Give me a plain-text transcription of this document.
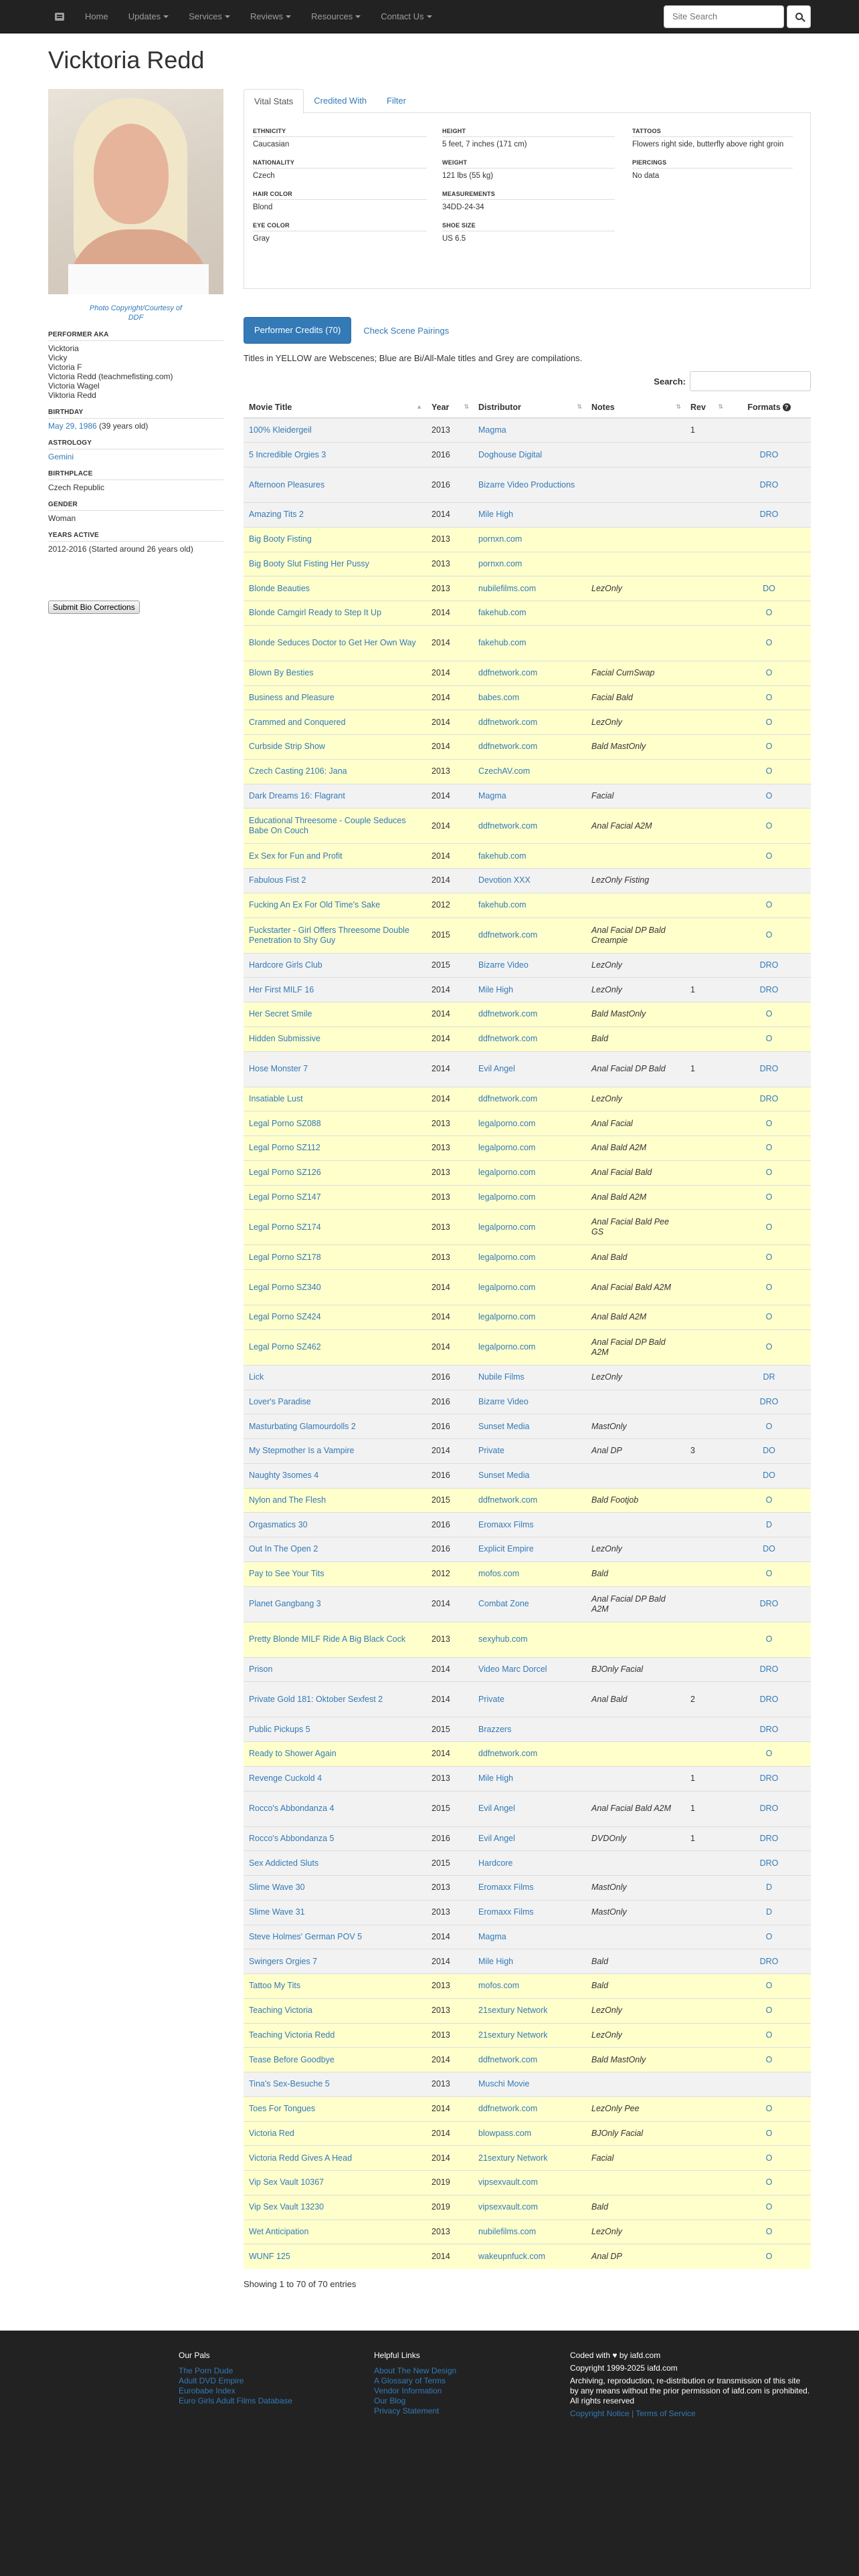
Home	Updates	Services	Reviews	Resources	Contact Us
Site Search
Vicktoria Redd
Photo Copyright/Courtesy of
DDF
PERFORMER AKA
Vicktoria
Vicky
Victoria F
Victoria Redd (teachmefisting.com)
Victoria Wagel
Viktoria Redd
BIRTHDAY
May 29, 1986 (39 years old)
ASTROLOGY
Gemini
BIRTHPLACE
Czech Republic
GENDER
Woman
YEARS ACTIVE
2012-2016 (Started around 26 years old)
Submit Bio Corrections
Vital Stats	Credited With	Filter
ETHNICITY
Caucasian
NATIONALITY
Czech
HAIR COLOR
Blond
EYE COLOR
Gray
HEIGHT
5 feet, 7 inches (171 cm)
WEIGHT
121 lbs (55 kg)
MEASUREMENTS
34DD-24-34
SHOE SIZE
US 6.5
TATTOOS
Flowers right side, butterfly above right groin
PIERCINGS
No data
Performer Credits (70)	Check Scene Pairings
Titles in YELLOW are Webscenes; Blue are Bi/All-Male titles and Grey are compilations.
Search:
Movie Title ▲	Year ⇅	Distributor ⇅	Notes ⇅	Rev ⇅	Formats ?
100% Kleidergeil	2013	Magma		1	
5 Incredible Orgies 3	2016	Doghouse Digital			DRO
Afternoon Pleasures	2016	Bizarre Video Productions			DRO
Amazing Tits 2	2014	Mile High			DRO
Big Booty Fisting	2013	pornxn.com			
Big Booty Slut Fisting Her Pussy	2013	pornxn.com			
Blonde Beauties	2013	nubilefilms.com	LezOnly		DO
Blonde Camgirl Ready to Step It Up	2014	fakehub.com			O
Blonde Seduces Doctor to Get Her Own Way	2014	fakehub.com			O
Blown By Besties	2014	ddfnetwork.com	Facial CumSwap		O
Business and Pleasure	2014	babes.com	Facial Bald		O
Crammed and Conquered	2014	ddfnetwork.com	LezOnly		O
Curbside Strip Show	2014	ddfnetwork.com	Bald MastOnly		O
Czech Casting 2106: Jana	2013	CzechAV.com			O
Dark Dreams 16: Flagrant	2014	Magma	Facial		O
Educational Threesome - Couple Seduces Babe On Couch	2014	ddfnetwork.com	Anal Facial A2M		O
Ex Sex for Fun and Profit	2014	fakehub.com			O
Fabulous Fist 2	2014	Devotion XXX	LezOnly Fisting		
Fucking An Ex For Old Time's Sake	2012	fakehub.com			O
Fuckstarter - Girl Offers Threesome Double Penetration to Shy Guy	2015	ddfnetwork.com	Anal Facial DP Bald Creampie		O
Hardcore Girls Club	2015	Bizarre Video	LezOnly		DRO
Her First MILF 16	2014	Mile High	LezOnly	1	DRO
Her Secret Smile	2014	ddfnetwork.com	Bald MastOnly		O
Hidden Submissive	2014	ddfnetwork.com	Bald		O
Hose Monster 7	2014	Evil Angel	Anal Facial DP Bald	1	DRO
Insatiable Lust	2014	ddfnetwork.com	LezOnly		DRO
Legal Porno SZ088	2013	legalporno.com	Anal Facial		O
Legal Porno SZ112	2013	legalporno.com	Anal Bald A2M		O
Legal Porno SZ126	2013	legalporno.com	Anal Facial Bald		O
Legal Porno SZ147	2013	legalporno.com	Anal Bald A2M		O
Legal Porno SZ174	2013	legalporno.com	Anal Facial Bald Pee GS		O
Legal Porno SZ178	2013	legalporno.com	Anal Bald		O
Legal Porno SZ340	2014	legalporno.com	Anal Facial Bald A2M		O
Legal Porno SZ424	2014	legalporno.com	Anal Bald A2M		O
Legal Porno SZ462	2014	legalporno.com	Anal Facial DP Bald A2M		O
Lick	2016	Nubile Films	LezOnly		DR
Lover's Paradise	2016	Bizarre Video			DRO
Masturbating Glamourdolls 2	2016	Sunset Media	MastOnly		O
My Stepmother Is a Vampire	2014	Private	Anal DP	3	DO
Naughty 3somes 4	2016	Sunset Media			DO
Nylon and The Flesh	2015	ddfnetwork.com	Bald Footjob		O
Orgasmatics 30	2016	Eromaxx Films			D
Out In The Open 2	2016	Explicit Empire	LezOnly		DO
Pay to See Your Tits	2012	mofos.com	Bald		O
Planet Gangbang 3	2014	Combat Zone	Anal Facial DP Bald A2M		DRO
Pretty Blonde MILF Ride A Big Black Cock	2013	sexyhub.com			O
Prison	2014	Video Marc Dorcel	BJOnly Facial		DRO
Private Gold 181: Oktober Sexfest 2	2014	Private	Anal Bald	2	DRO
Public Pickups 5	2015	Brazzers			DRO
Ready to Shower Again	2014	ddfnetwork.com			O
Revenge Cuckold 4	2013	Mile High		1	DRO
Rocco's Abbondanza 4	2015	Evil Angel	Anal Facial Bald A2M	1	DRO
Rocco's Abbondanza 5	2016	Evil Angel	DVDOnly	1	DRO
Sex Addicted Sluts	2015	Hardcore			DRO
Slime Wave 30	2013	Eromaxx Films	MastOnly		D
Slime Wave 31	2013	Eromaxx Films	MastOnly		D
Steve Holmes' German POV 5	2014	Magma			O
Swingers Orgies 7	2014	Mile High	Bald		DRO
Tattoo My Tits	2013	mofos.com	Bald		O
Teaching Victoria	2013	21sextury Network	LezOnly		O
Teaching Victoria Redd	2013	21sextury Network	LezOnly		O
Tease Before Goodbye	2014	ddfnetwork.com	Bald MastOnly		O
Tina's Sex-Besuche 5	2013	Muschi Movie			
Toes For Tongues	2014	ddfnetwork.com	LezOnly Pee		O
Victoria Red	2014	blowpass.com	BJOnly Facial		O
Victoria Redd Gives A Head	2014	21sextury Network	Facial		O
Vip Sex Vault 10367	2019	vipsexvault.com			O
Vip Sex Vault 13230	2019	vipsexvault.com	Bald		O
Wet Anticipation	2013	nubilefilms.com	LezOnly		O
WUNF 125	2014	wakeupnfuck.com	Anal DP		O
Showing 1 to 70 of 70 entries
Our Pals
The Porn Dude
Adult DVD Empire
Eurobabe Index
Euro Girls Adult Films Database
Helpful Links
About The New Design
A Glossary of Terms
Vendor Information
Our Blog
Privacy Statement

Coded with ♥ by iafd.com

Copyright 1999-2025 iafd.com

Archiving, reproduction, re-distribution or transmission of this site by any means without the prior permission of iafd.com is prohibited. All rights reserved

Copyright Notice | Terms of Service
